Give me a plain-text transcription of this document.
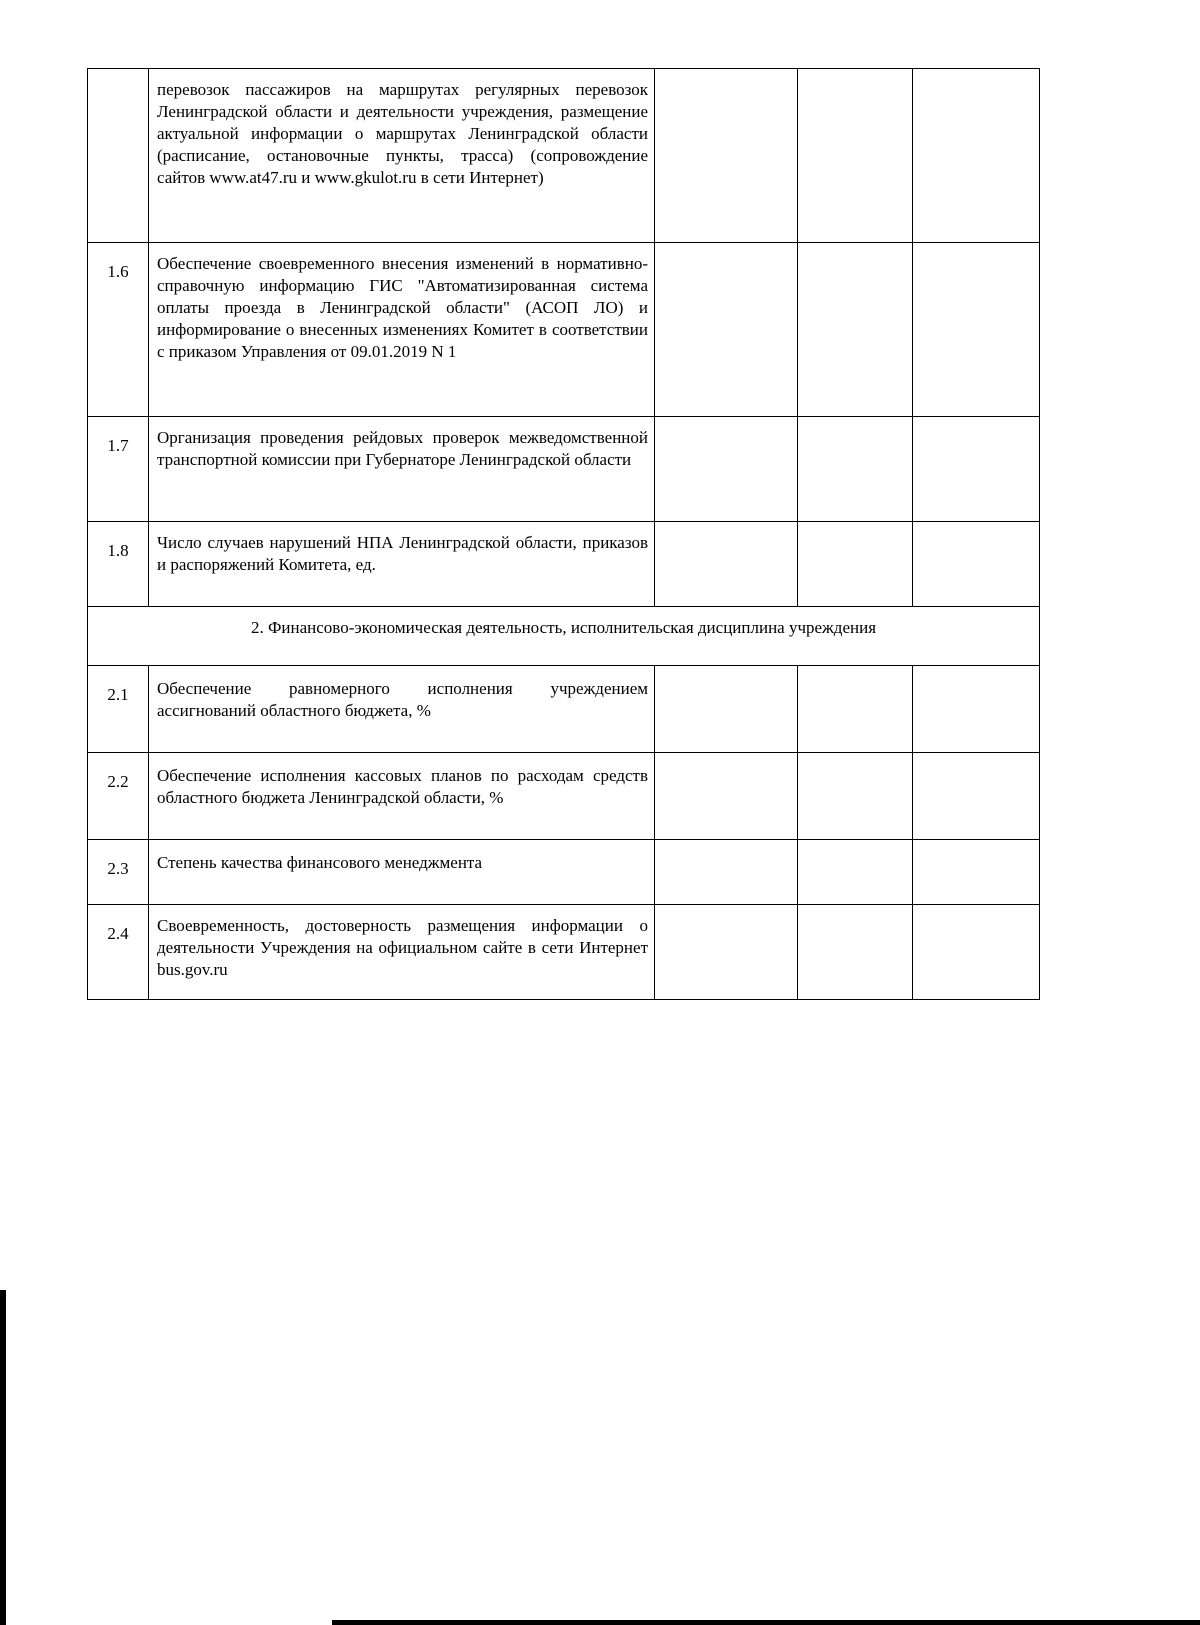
	перевозок пассажиров на маршрутах регулярных перевозок Ленинградской области и деятельности учреждения, размещение актуальной информации о маршрутах Ленинградской области (расписание, остановочные пункты, трасса) (сопровождение сайтов www.at47.ru и www.gkulot.ru в сети Интернет)			
1.6	Обеспечение своевременного внесения изменений в нормативно-справочную информацию ГИС "Автоматизированная система оплаты проезда в Ленинградской области" (АСОП ЛО) и информирование о внесенных изменениях Комитет в соответствии с приказом Управления от 09.01.2019 N 1			
1.7	Организация проведения рейдовых проверок межведомственной транспортной комиссии при Губернаторе Ленинградской области			
1.8	Число случаев нарушений НПА Ленинградской области, приказов и распоряжений Комитета, ед.			
2. Финансово-экономическая деятельность, исполнительская дисциплина учреждения				
2.1	Обеспечение равномерного исполнения учреждением ассигнований областного бюджета, %			
2.2	Обеспечение исполнения кассовых планов по расходам средств областного бюджета Ленинградской области, %			
2.3	Степень качества финансового менеджмента			
2.4	Своевременность, достоверность размещения информации о деятельности Учреждения на официальном сайте в сети Интернет bus.gov.ru			
